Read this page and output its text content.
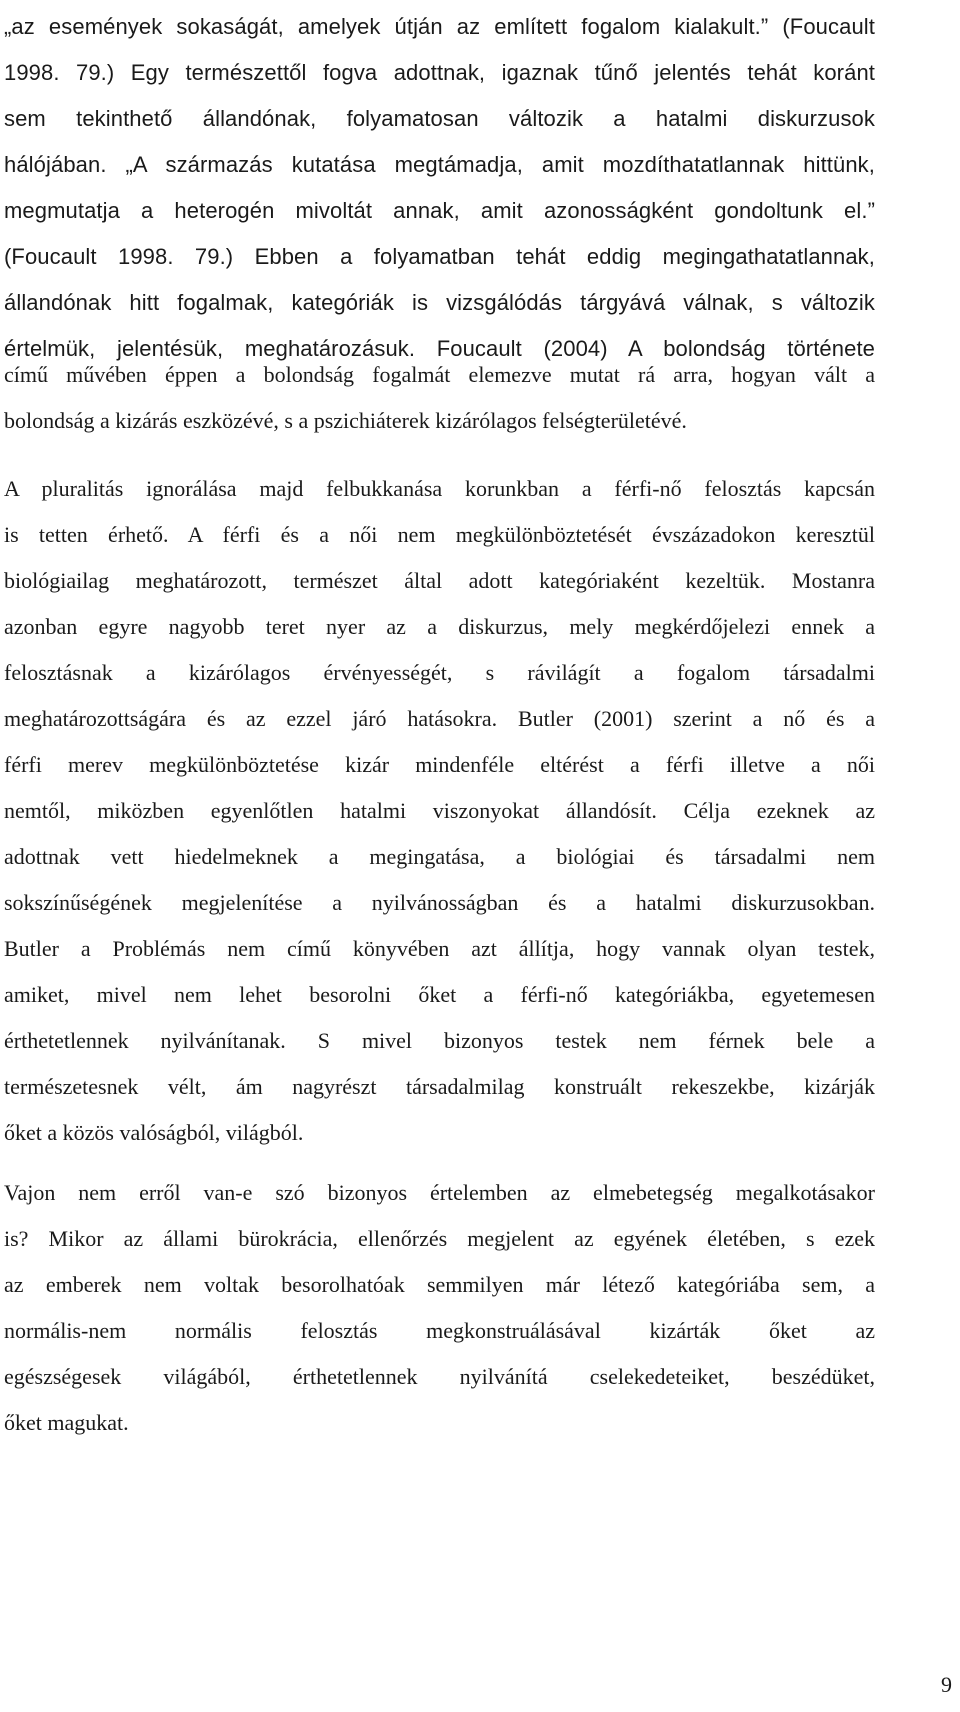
„az események sokaságát, amelyek útján az említett fogalom kialakult.” (Foucault
1998. 79.) Egy természettől fogva adottnak, igaznak tűnő jelentés tehát koránt
sem tekinthető állandónak, folyamatosan változik a hatalmi diskurzusok
hálójában. „A származás kutatása megtámadja, amit mozdíthatatlannak hittünk,
megmutatja a heterogén mivoltát annak, amit azonosságként gondoltunk el.”
(Foucault 1998. 79.) Ebben a folyamatban tehát eddig megingathatatlannak,
állandónak hitt fogalmak, kategóriák is vizsgálódás tárgyává válnak, s változik
értelmük, jelentésük, meghatározásuk. Foucault (2004) A bolondság története
című művében éppen a bolondság fogalmát elemezve mutat rá arra, hogyan vált a
bolondság a kizárás eszközévé, s a pszichiáterek kizárólagos felségterületévé.
A pluralitás ignorálása majd felbukkanása korunkban a férfi-nő felosztás kapcsán
is tetten érhető. A férfi és a női nem megkülönböztetését évszázadokon keresztül
biológiailag meghatározott, természet által adott kategóriaként kezeltük. Mostanra
azonban egyre nagyobb teret nyer az a diskurzus, mely megkérdőjelezi ennek a
felosztásnak a kizárólagos érvényességét, s rávilágít a fogalom társadalmi
meghatározottságára és az ezzel járó hatásokra. Butler (2001) szerint a nő és a
férfi merev megkülönböztetése kizár mindenféle eltérést a férfi illetve a női
nemtől, miközben egyenlőtlen hatalmi viszonyokat állandósít. Célja ezeknek az
adottnak vett hiedelmeknek a megingatása, a biológiai és társadalmi nem
sokszínűségének megjelenítése a nyilvánosságban és a hatalmi diskurzusokban.
Butler a Problémás nem című könyvében azt állítja, hogy vannak olyan testek,
amiket, mivel nem lehet besorolni őket a férfi-nő kategóriákba, egyetemesen
érthetetlennek nyilvánítanak. S mivel bizonyos testek nem férnek bele a
természetesnek vélt, ám nagyrészt társadalmilag konstruált rekeszekbe, kizárják
őket a közös valóságból, világból.
Vajon nem erről van-e szó bizonyos értelemben az elmebetegség megalkotásakor
is? Mikor az állami bürokrácia, ellenőrzés megjelent az egyének életében, s ezek
az emberek nem voltak besorolhatóak semmilyen már létező kategóriába sem, a
normális-nem normális felosztás megkonstruálásával kizárták őket az
egészségesek világából, érthetetlennek nyilvánítá cselekedeteiket, beszédüket,
őket magukat.
9
